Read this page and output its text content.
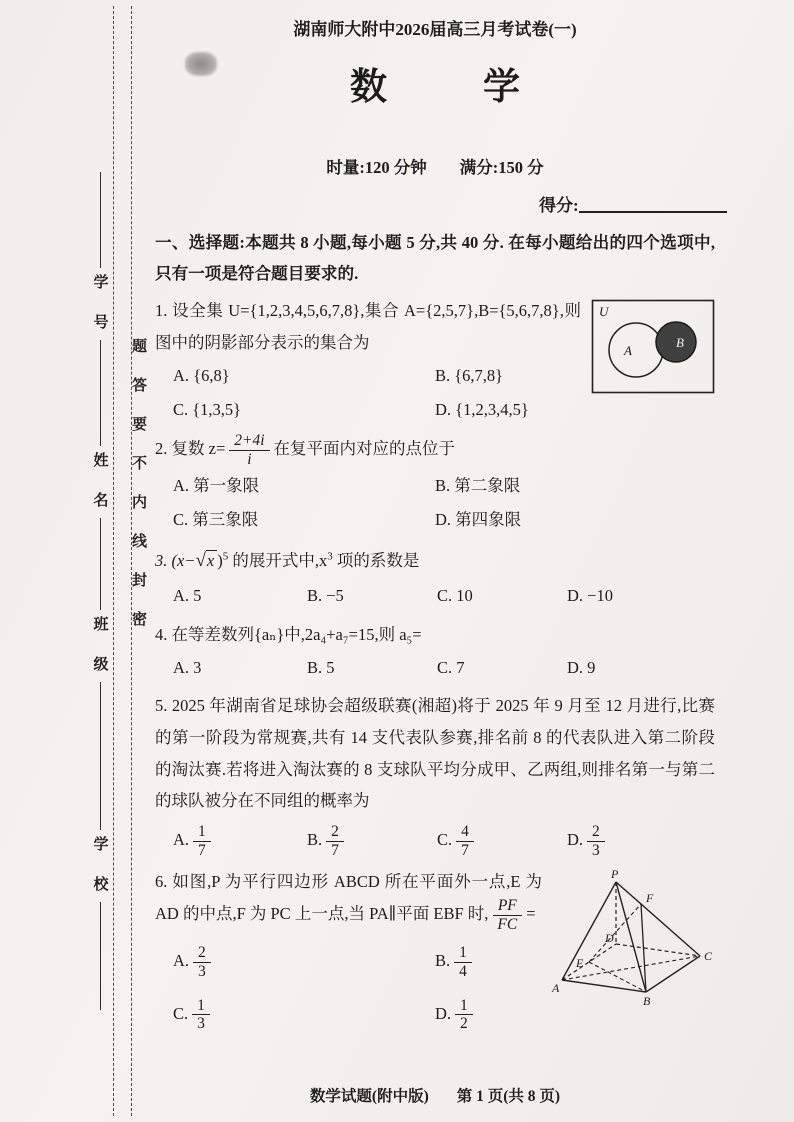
题答要不内线封密
学　号
姓　名
班　级
学　校
湖南师大附中2026届高三月考试卷(一)
数	学
时量:120 分钟　　满分:150 分
得分:

一、选择题:本题共 8 小题,每小题 5 分,共 40 分. 在每小题给出的四个选项中,只有一项是符合题目要求的.

U
A
B

1. 设全集 U={1,2,3,4,5,6,7,8},集合 A={2,5,7},B={5,6,7,8},则图中的阴影部分表示的集合为

A. {6,8}	B. {6,7,8}
C. {1,3,5}	D. {1,2,3,4,5}

2. 复数 $z= \frac{2+4i}{i}$ 在复平面内对应的点位于

A. 第一象限	B. 第二象限
C. 第三象限	D. 第四象限

3. (x−√x )$^5$ 的展开式中$,x^3$ 项的系数是

A. 5	B. −5	C. 10	D. −10

4. 在等差数列{aₙ}中,2a₄+a₇=15,则 a₅=

A. 3	B. 5	C. 7	D. 9

5. 2025 年湖南省足球协会超级联赛(湘超)将于 2025 年 9 月至 12 月进行,比赛的第一阶段为常规赛,共有 14 支代表队参赛,排名前 8 的代表队进入第二阶段的淘汰赛.若将进入淘汰赛的 8 支球队平均分成甲、乙两组,则排名第一与第二的球队被分在不同组的概率为

A. $\frac{1}{7}$	B. $\frac{2}{7}$	C. $\frac{4}{7}$	D. $\frac{2}{3}$
P
A
B
C
D
E
F

6. 如图,P 为平行四边形 ABCD 所在平面外一点,E 为 AD 的中点,F 为 PC 上一点,当 PA∥平面 EBF 时, $\frac{PF}{FC}$ =

A. $\frac{2}{3}$	B. $\frac{1}{4}$
C. $\frac{1}{3}$	D. $\frac{1}{2}$
数学试题(附中版) 第 1 页(共 8 页)
